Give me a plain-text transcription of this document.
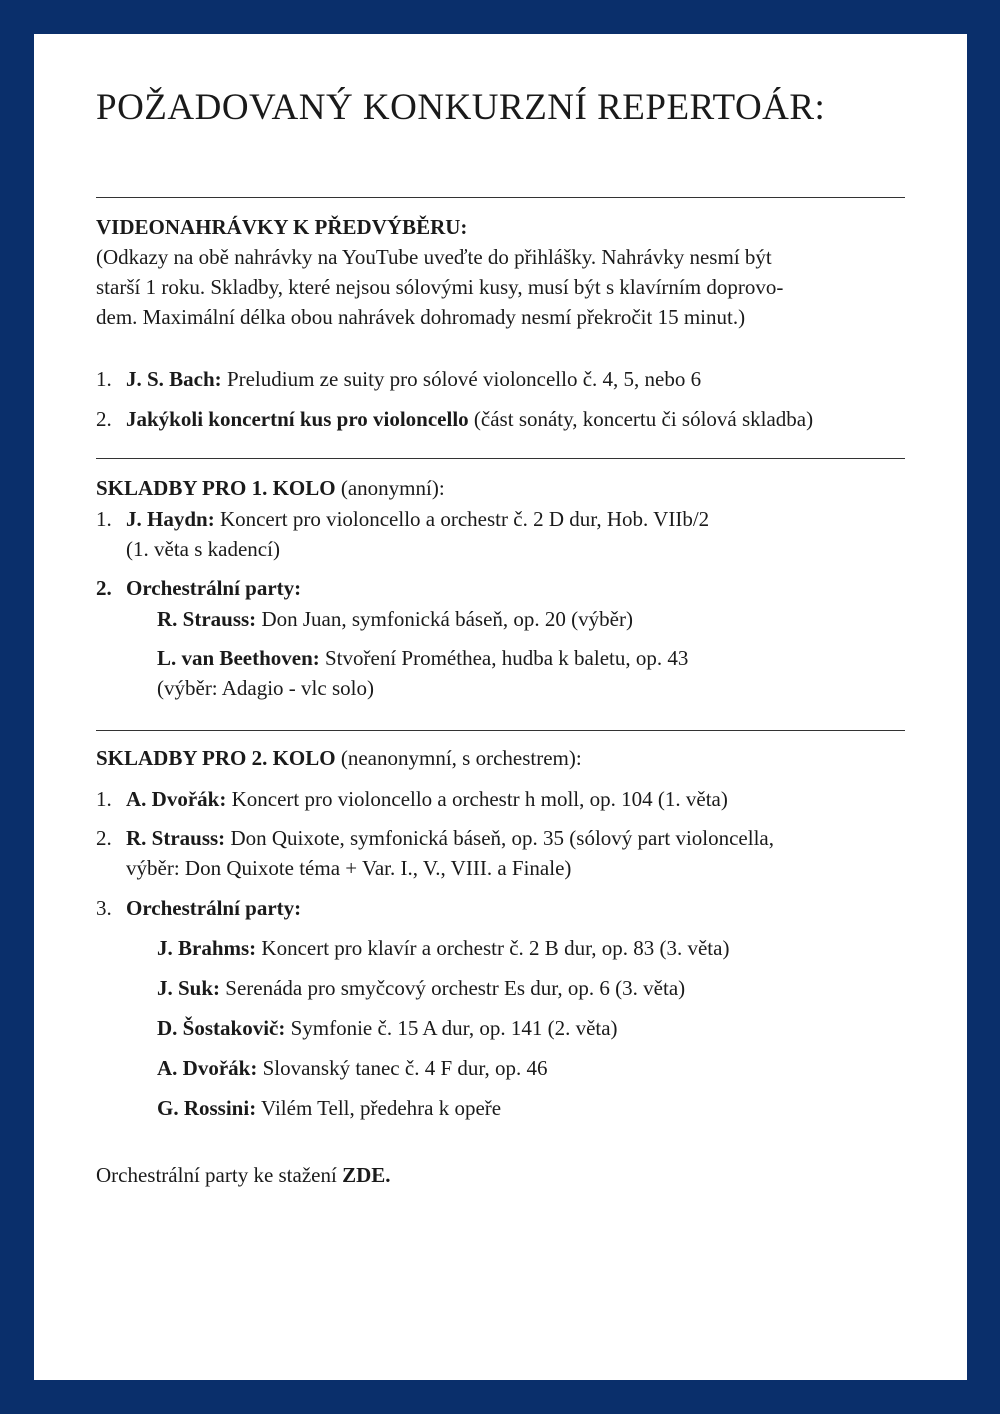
POŽADOVANÝ KONKURZNÍ REPERTOÁR:
VIDEONAHRÁVKY K PŘEDVÝBĚRU:
(Odkazy na obě nahrávky na YouTube uveďte do přihlášky. Nahrávky nesmí být
starší 1 roku. Skladby, které nejsou sólovými kusy, musí být s klavírním doprovo-
dem. Maximální délka obou nahrávek dohromady nesmí překročit 15 minut.)
1. J. S. Bach: Preludium ze suity pro sólové violoncello č. 4, 5, nebo 6
2. Jakýkoli koncertní kus pro violoncello (část sonáty, koncertu či sólová skladba)
SKLADBY PRO 1. KOLO (anonymní):
1. J. Haydn: Koncert pro violoncello a orchestr č. 2 D dur, Hob. VIIb/2
(1. věta s kadencí)
2. Orchestrální party:
R. Strauss: Don Juan, symfonická báseň, op. 20 (výběr)
L. van Beethoven: Stvoření Prométhea, hudba k baletu, op. 43
(výběr: Adagio - vlc solo)
SKLADBY PRO 2. KOLO (neanonymní, s orchestrem):
1. A. Dvořák: Koncert pro violoncello a orchestr h moll, op. 104 (1. věta)
2. R. Strauss: Don Quixote, symfonická báseň, op. 35 (sólový part violoncella,
výběr: Don Quixote téma + Var. I., V., VIII. a Finale)
3. Orchestrální party:
J. Brahms: Koncert pro klavír a orchestr č. 2 B dur, op. 83 (3. věta)
J. Suk: Serenáda pro smyčcový orchestr Es dur, op. 6 (3. věta)
D. Šostakovič: Symfonie č. 15 A dur, op. 141 (2. věta)
A. Dvořák: Slovanský tanec č. 4 F dur, op. 46
G. Rossini: Vilém Tell, předehra k opeře
Orchestrální party ke stažení ZDE.
